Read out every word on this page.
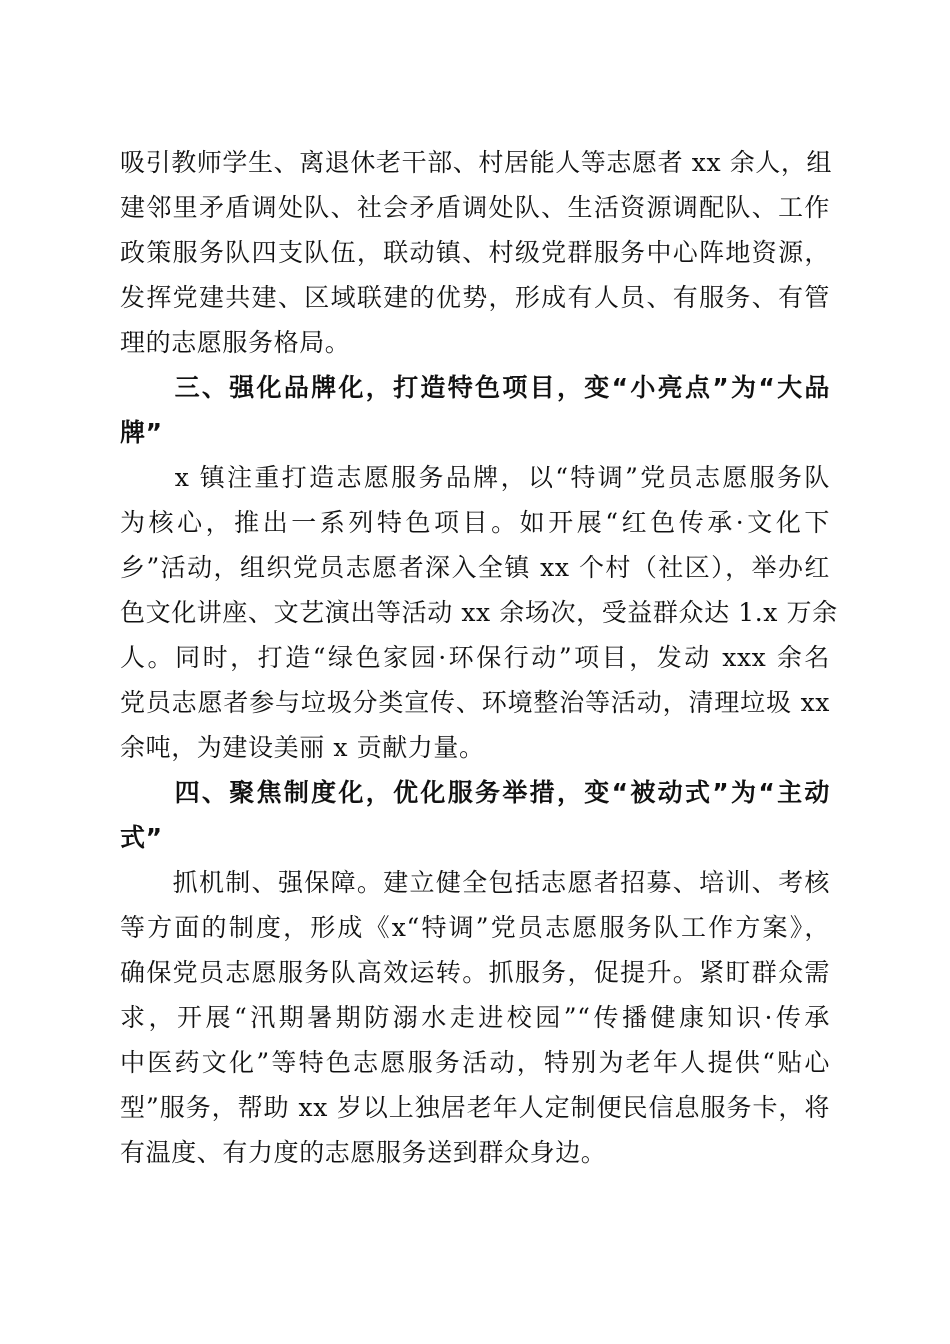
吸引教师学生、离退休老干部、村居能人等志愿者 xx 余人，组
建邻里矛盾调处队、社会矛盾调处队、生活资源调配队、工作
政策服务队四支队伍，联动镇、村级党群服务中心阵地资源，
发挥党建共建、区域联建的优势，形成有人员、有服务、有管
理的志愿服务格局。
　　三、强化品牌化，打造特色项目，变“小亮点”为“大品
牌”
　　x 镇注重打造志愿服务品牌，以“特调”党员志愿服务队
为核心，推出一系列特色项目。如开展“红色传承·文化下
乡”活动，组织党员志愿者深入全镇 xx 个村（社区），举办红
色文化讲座、文艺演出等活动 xx 余场次，受益群众达 1.x 万余
人。同时，打造“绿色家园·环保行动”项目，发动 xxx 余名
党员志愿者参与垃圾分类宣传、环境整治等活动，清理垃圾 xx
余吨，为建设美丽 x 贡献力量。
　　四、聚焦制度化，优化服务举措，变“被动式”为“主动
式”
　　抓机制、强保障。建立健全包括志愿者招募、培训、考核
等方面的制度，形成《x“特调”党员志愿服务队工作方案》，
确保党员志愿服务队高效运转。抓服务，促提升。紧盯群众需
求，开展“汛期暑期防溺水走进校园”“传播健康知识·传承
中医药文化”等特色志愿服务活动，特别为老年人提供“贴心
型”服务，帮助 xx 岁以上独居老年人定制便民信息服务卡，将
有温度、有力度的志愿服务送到群众身边。
